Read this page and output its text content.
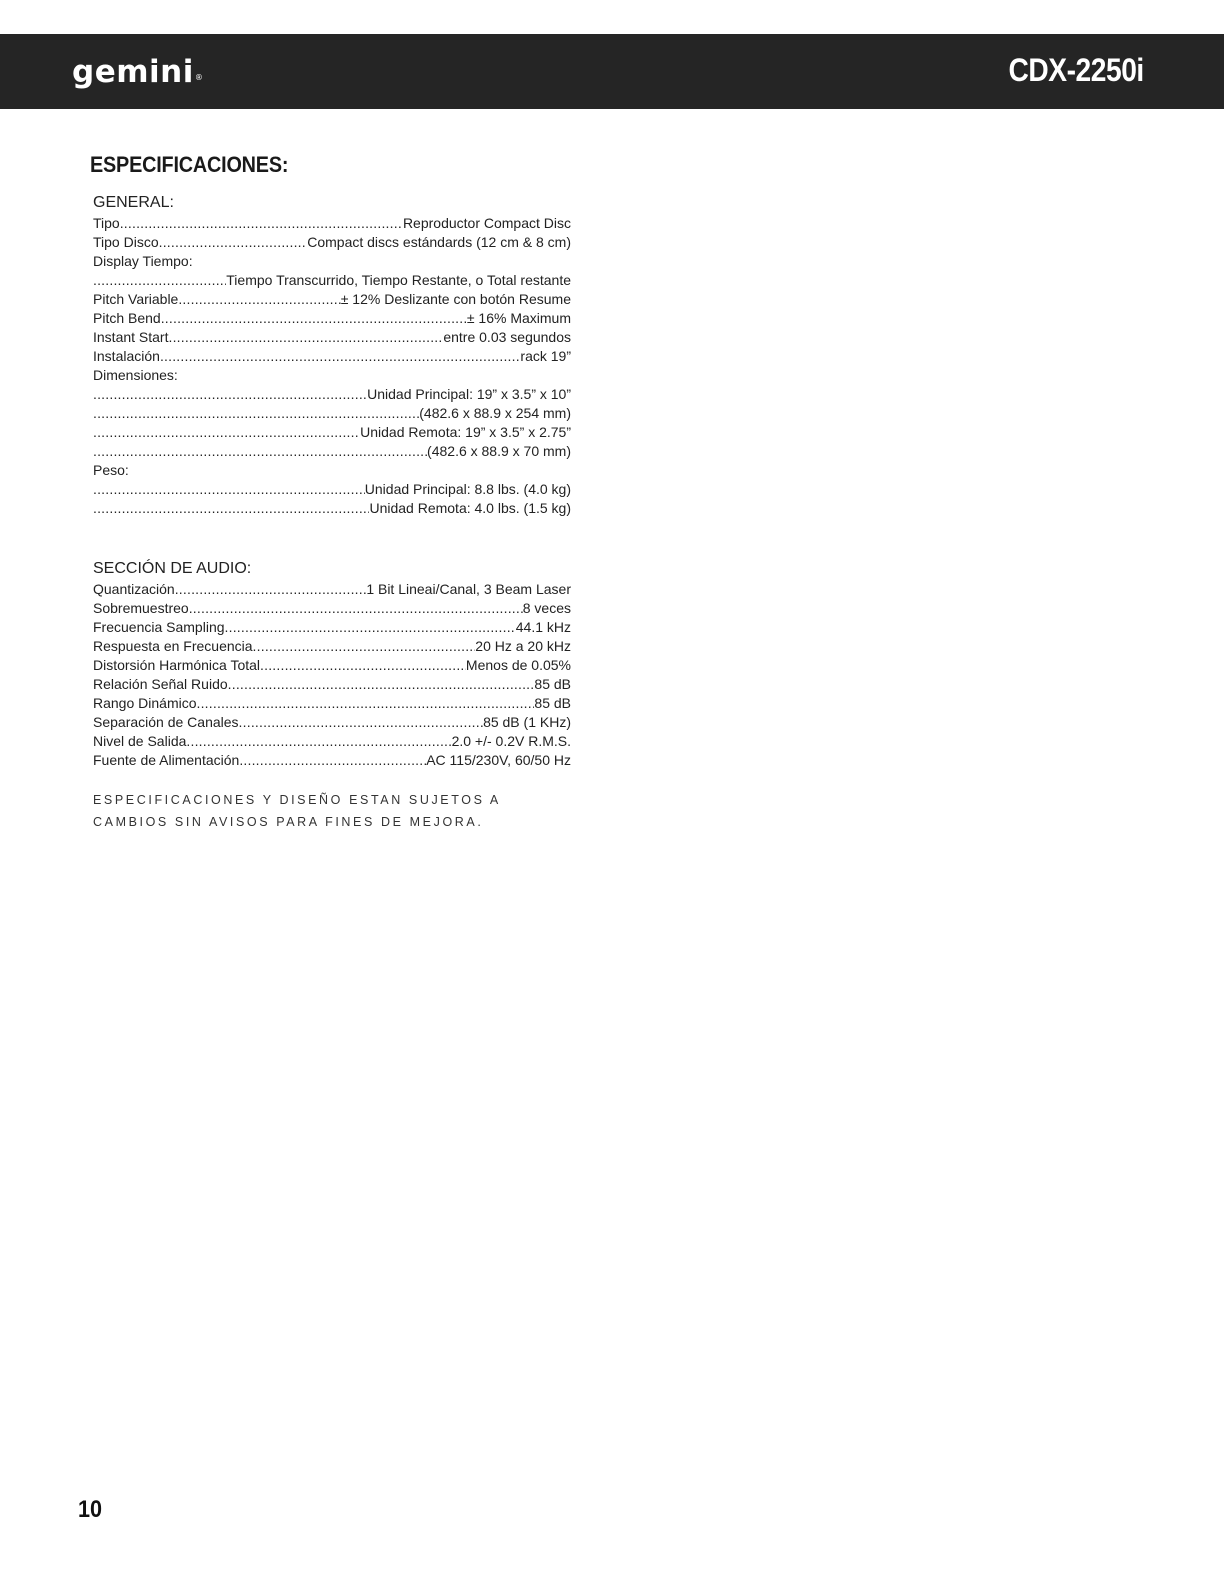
gemini®	CDX-2250i
ESPECIFICACIONES:
GENERAL:
Tipo .....	Reproductor Compact Disc
Tipo Disco .....	Compact discs estándards (12 cm & 8 cm)
Display Tiempo:
.....
Tiempo Transcurrido, Tiempo Restante, o Total restante
Pitch Variable .....	± 12% Deslizante con botón Resume
Pitch Bend .....	± 16% Maximum
Instant Start .....	entre 0.03 segundos
Instalación .....	rack 19”
Dimensiones:
.....
Unidad Principal: 19” x 3.5” x 10”
.....
(482.6 x 88.9 x 254 mm)
.....
Unidad Remota: 19” x 3.5” x 2.75”
.....
(482.6 x 88.9 x 70 mm)
Peso:
.....
Unidad Principal: 8.8 lbs. (4.0 kg)
.....
Unidad Remota: 4.0 lbs. (1.5 kg)
SECCIÓN DE AUDIO:
Quantización .....	1 Bit Lineai/Canal, 3 Beam Laser
Sobremuestreo .....	8 veces
Frecuencia Sampling .....	44.1 kHz
Respuesta en Frecuencia .....	20 Hz a 20 kHz
Distorsión Harmónica Total .....	Menos de 0.05%
Relación Señal Ruido .....	85 dB
Rango Dinámico .....	85 dB
Separación de Canales .....	85 dB (1 KHz)
Nivel de Salida .....	2.0 +/- 0.2V R.M.S.
Fuente de Alimentación .....	AC 115/230V, 60/50 Hz
ESPECIFICACIONES Y DISEÑO ESTAN SUJETOS A CAMBIOS SIN AVISOS PARA FINES DE MEJORA.
10
